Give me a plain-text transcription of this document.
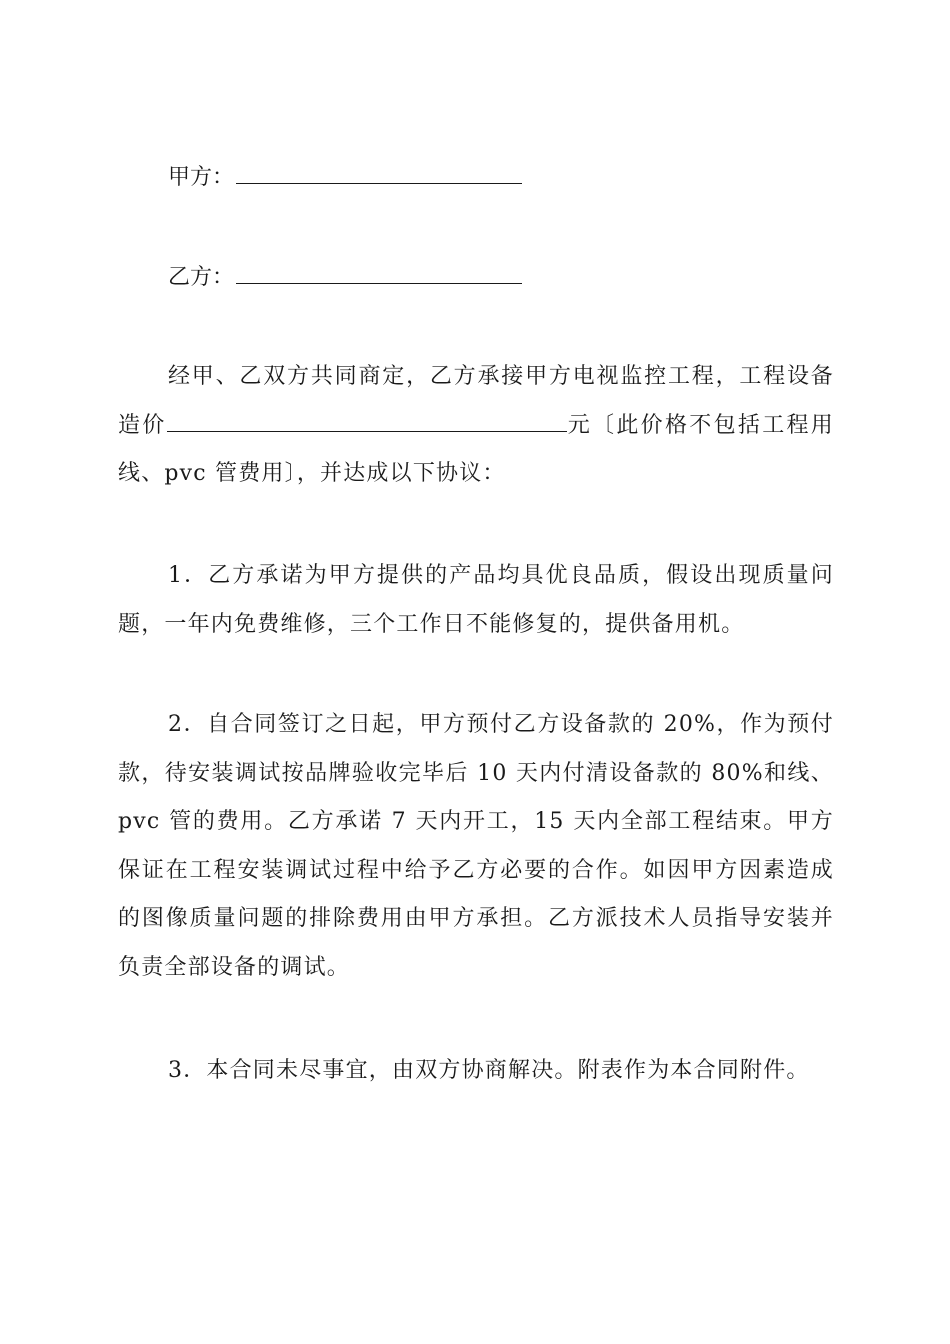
甲方：
乙方：

经甲、乙双方共同商定，乙方承接甲方电视监控工程，工程设备造价	元〔此价格不包括工程用线、pvc 管费用〕，并达成以下协议：

1．乙方承诺为甲方提供的产品均具优良品质，假设出现质量问题，一年内免费维修，三个工作日不能修复的，提供备用机。

2．自合同签订之日起，甲方预付乙方设备款的 20%，作为预付款，待安装调试按品牌验收完毕后 10 天内付清设备款的 80%和线、pvc 管的费用。乙方承诺 7 天内开工，15 天内全部工程结束。甲方保证在工程安装调试过程中给予乙方必要的合作。如因甲方因素造成的图像质量问题的排除费用由甲方承担。乙方派技术人员指导安装并负责全部设备的调试。

3．本合同未尽事宜，由双方协商解决。附表作为本合同附件。
